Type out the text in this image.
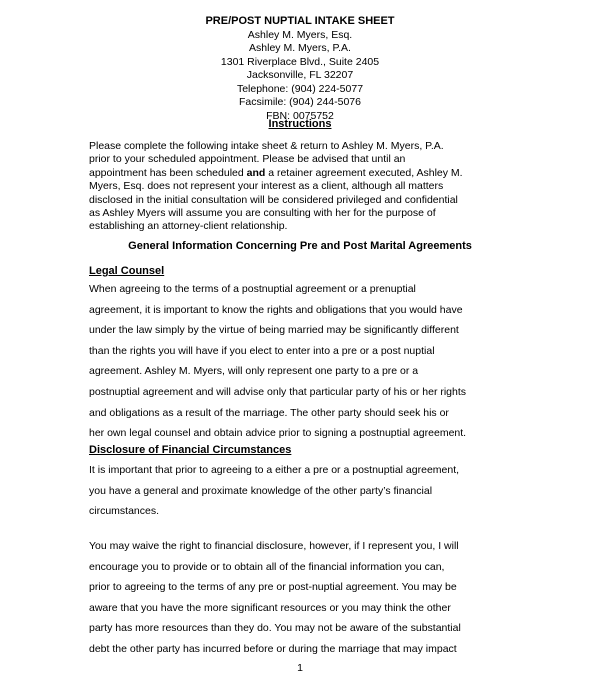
PRE/POST NUPTIAL INTAKE SHEET
Ashley M. Myers, Esq.
Ashley M. Myers, P.A.
1301 Riverplace Blvd., Suite 2405
Jacksonville, FL 32207
Telephone: (904) 224-5077
Facsimile: (904) 244-5076
FBN: 0075752
Instructions
Please complete the following intake sheet & return to Ashley M. Myers, P.A.
prior to your scheduled appointment. Please be advised that until an
appointment has been scheduled and a retainer agreement executed, Ashley M.
Myers, Esq. does not represent your interest as a client, although all matters
disclosed in the initial consultation will be considered privileged and confidential
as Ashley Myers will assume you are consulting with her for the purpose of
establishing an attorney-client relationship.
General Information Concerning Pre and Post Marital Agreements
Legal Counsel
When agreeing to the terms of a postnuptial agreement or a prenuptial
agreement, it is important to know the rights and obligations that you would have
under the law simply by the virtue of being married may be significantly different
than the rights you will have if you elect to enter into a pre or a post nuptial
agreement. Ashley M. Myers, will only represent one party to a pre or a
postnuptial agreement and will advise only that particular party of his or her rights
and obligations as a result of the marriage. The other party should seek his or
her own legal counsel and obtain advice prior to signing a postnuptial agreement.
Disclosure of Financial Circumstances
It is important that prior to agreeing to a either a pre or a postnuptial agreement,
you have a general and proximate knowledge of the other party’s financial
circumstances.
You may waive the right to financial disclosure, however, if I represent you, I will
encourage you to provide or to obtain all of the financial information you can,
prior to agreeing to the terms of any pre or post-nuptial agreement. You may be
aware that you have the more significant resources or you may think the other
party has more resources than they do. You may not be aware of the substantial
debt the other party has incurred before or during the marriage that may impact
1
